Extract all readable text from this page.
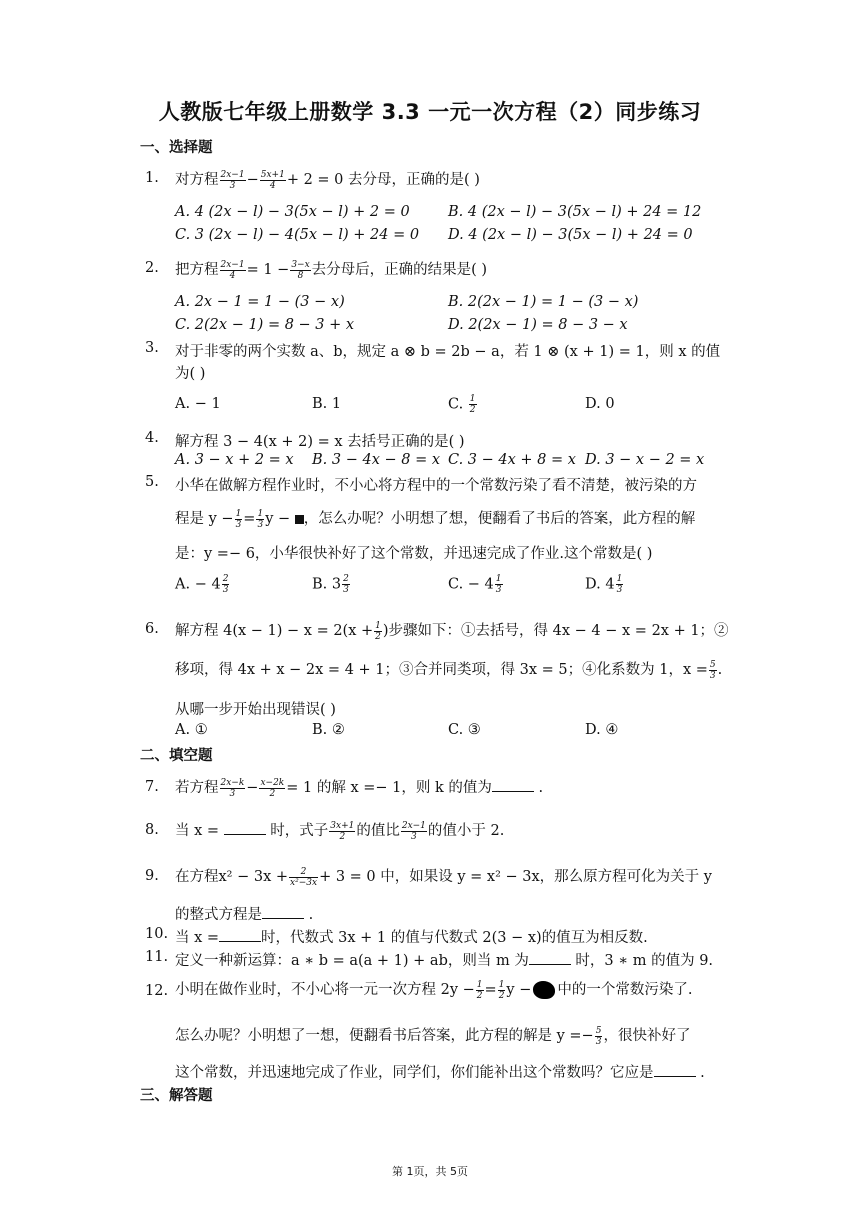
人教版七年级上册数学 3.3 一元一次方程（2）同步练习
一、选择题
1. 对方程 $\frac{2x-1}{3} - \frac{5x+1}{4} + 2 = 0$ 去分母，正确的是( )
A. 4 (2x − l) − 3(5x − l) + 2 = 0	B. 4 (2x − l) − 3(5x − l) + 24 = 12
C. 3 (2x − l) − 4(5x − l) + 24 = 0 D. 4 (2x − l) − 3(5x − l) + 24 = 0
2. 把方程 $\frac{2x-1}{4} = 1 - \frac{3-x}{8}$ 去分母后，正确的结果是( )
A. 2x − 1 = 1 − (3 − x)	B. 2(2x − 1) = 1 − (3 − x)
C. 2(2x − 1) = 8 − 3 + x	D. 2(2x − 1) = 8 − 3 − x
3. 对于非零的两个实数 a、b，规定 a ⊗ b = 2b − a，若 1 ⊗ (x + 1) = 1，则 x 的值
为( )
A. − 1	B. 1	C. $\frac{1}{2}$	D. 0
4. 解方程 3 − 4(x + 2) = x 去括号正确的是( )
A. 3 − x + 2 = x B. 3 − 4x − 8 = x C. 3 − 4x + 8 = x D. 3 − x − 2 = x
5. 小华在做解方程作业时，不小心将方程中的一个常数污染了看不清楚，被污染的方
程是 $y - \frac{1}{3} = \frac{1}{3}$ y − ，怎么办呢？小明想了想，便翻看了书后的答案，此方程的解
是：y =− 6，小华很快补好了这个常数，并迅速完成了作业.这个常数是( )
A. − $4 \frac{2}{3}$	B. $3 \frac{2}{3}$	C. − $4 \frac{1}{3}$	D. $4 \frac{1}{3}$
6. 解方程 $4(x - 1) - x = 2(x + \frac{1}{2}$ )步骤如下：①去括号，得 4x − 4 − x = 2x + 1；②
移项，得 4x + x − 2x = 4 + 1；③合并同类项，得 3x = 5；④化系数为 1，$x = \frac{5}{3}$ .
从哪一步开始出现错误( )
A. ①	B. ②	C. ③	D. ④
二、填空题
7. 若方程 $\frac{2x-k}{3} - \frac{x-2k}{2} = 1$ 的解 x =− 1，则 k 的值为	.
8. 当 x =	时，式子 $\frac{3x+1}{2}$ 的值比 $\frac{2x-1}{3}$ 的值小于 2.
9. 在方程$x^2 - 3x + \frac{2}{\text{x²−3x}} + 3 = 0$ 中，如果设 y = x² − 3x，那么原方程可化为关于 y
的整式方程是	.
10. 当 x =	时，代数式 3x + 1 的值与代数式 2(3 − x)的值互为相反数.
11. 定义一种新运算：a ∗ b = a(a + 1) + ab，则当 m 为	时，3 ∗ m 的值为 9.
12. 小明在做作业时，不小心将一元一次方程 $2y - \frac{1}{2} = \frac{1}{2}$ y − 中的一个常数污染了.
怎么办呢？小明想了一想，便翻看书后答案，此方程的解是 $y =- \frac{5}{3}$ ，很快补好了
这个常数，并迅速地完成了作业，同学们，你们能补出这个常数吗？它应是	.
三、解答题
第 1页，共 5页
